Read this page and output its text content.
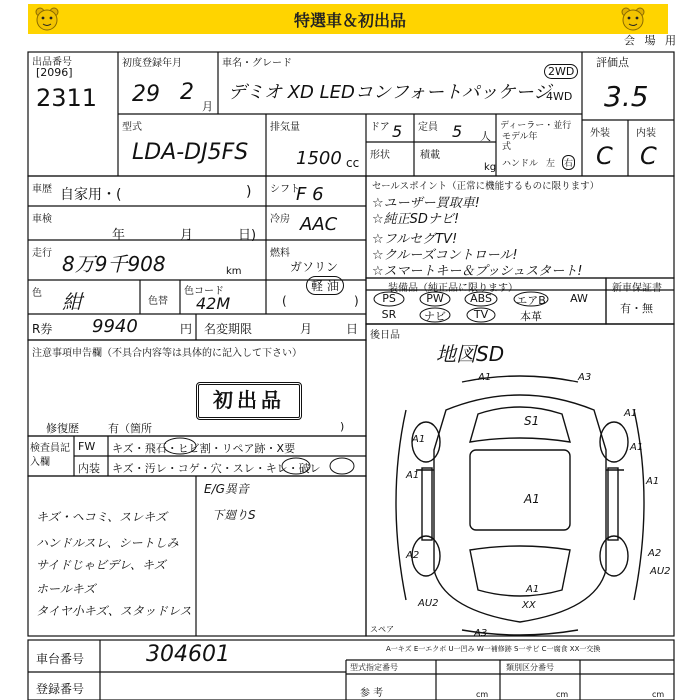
特選車＆初出品
会 場 用
出品番号
[2096]
2311
初度登録年月
29 2
月
車名・グレード
デミオ XD LEDコンフォートパッケージ
2WD
4WD
型式
LDA-DJ5FS
排気量
1500 cc
ドア 5 定員 5 人
形状	積載
kg
ディーラー・並行
モデル年式
ハンドル 左 右
評価点
3.5
外装	内装
C C
車歴 自家用・(	)
車検
年	月	日)
走行 8万9千908	km
シフト
F 6
冷房 AAC
燃料
ガソリン
(
軽 油
)
色 紺	色替
色コード
42M
R券 9940	円 名変期限	月	日
注意事項申告欄（不具合内容等は具体的に記入して下さい）
初出品
修復歴	有（箇所	)
検査員記入欄
FW キズ・飛石・ヒビ割・リペア跡・X要
内装 キズ・汚レ・コゲ・穴・スレ・キレ・破レ
E/G異音
下廻りS
キズ・ヘコミ、スレキズ
ハンドルスレ、シートしみ
サイドじゃビデレ、キズ
ホールキズ
タイヤ小キズ、スタッドレス
セールスポイント（正常に機能するものに限ります）
☆ユーザー買取車!
☆純正SDナビ!
☆フルセグTV!
☆クルーズコントロール!
☆スマートキー＆プッシュスタート!
装備品（純正品に限ります）
PS	PW	ABS	エアB	AW
SR	ナビ	TV	本革
新車保証書
有・無
後日品
地図SD
A1	A3
S1
A1
A1
A1
A1
A1
A1
A2	A2
AU2
AU2
A1
XX
A3
スペア
A一キズ E一エクボ U一凹み W一補修跡 S一サビ C一腐食 XX一交換
車台番号	304601
登録番号
型式指定番号	類別区分番号
参 考	cm	cm	cm
